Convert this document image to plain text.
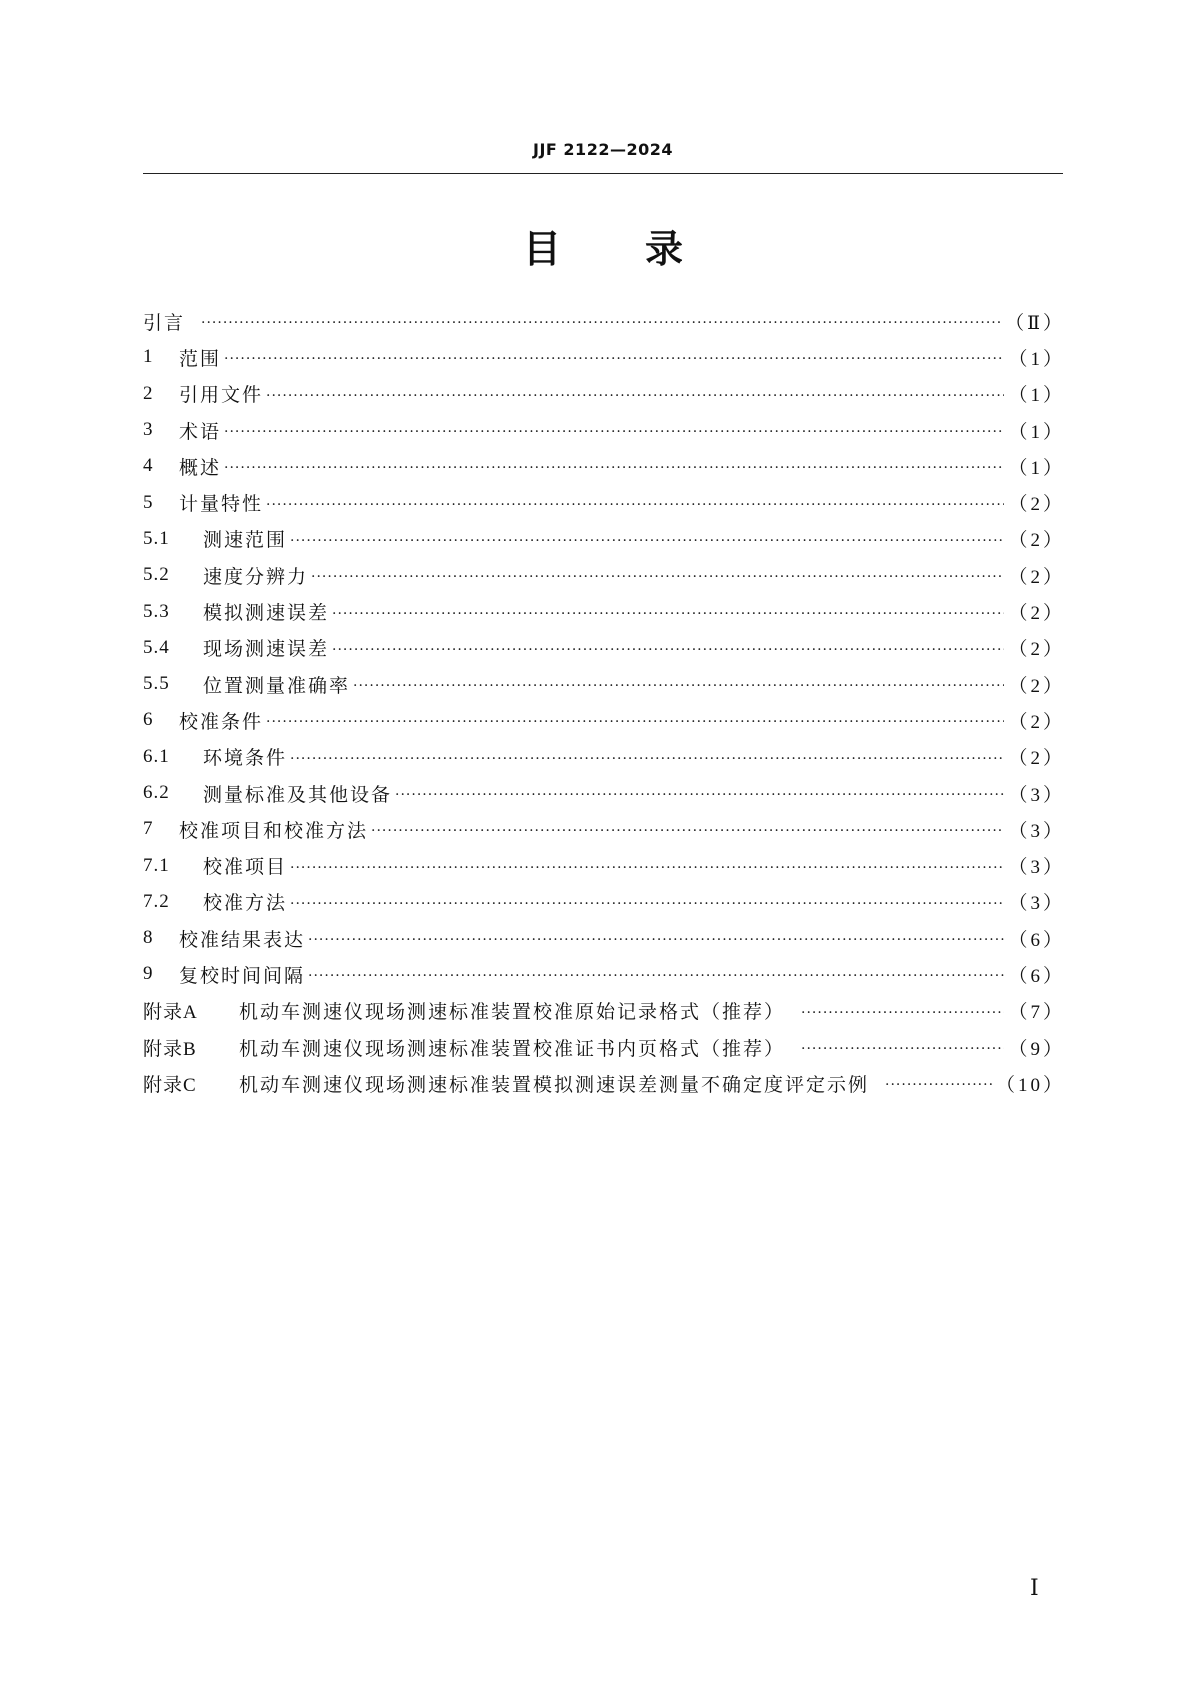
JJF 2122—2024
目录
引言 ·····	（Ⅱ）
1	范围 ·····	（1）
2	引用文件 ·····	（1）
3	术语 ·····	（1）
4	概述 ·····	（1）
5	计量特性 ·····	（2）
5.1	测速范围 ·····	（2）
5.2	速度分辨力 ·····	（2）
5.3	模拟测速误差 ·····	（2）
5.4	现场测速误差 ·····	（2）
5.5	位置测量准确率 ·····	（2）
6	校准条件 ·····	（2）
6.1	环境条件 ·····	（2）
6.2	测量标准及其他设备 ·····	（3）
7	校准项目和校准方法 ·····	（3）
7.1	校准项目 ·····	（3）
7.2	校准方法 ·····	（3）
8	校准结果表达 ·····	（6）
9	复校时间间隔 ·····	（6）
附录A	机动车测速仪现场测速标准装置校准原始记录格式（推荐） ·····	（7）
附录B	机动车测速仪现场测速标准装置校准证书内页格式（推荐） ·····	（9）
附录C	机动车测速仪现场测速标准装置模拟测速误差测量不确定度评定示例 ·····	（10）
Ⅰ
